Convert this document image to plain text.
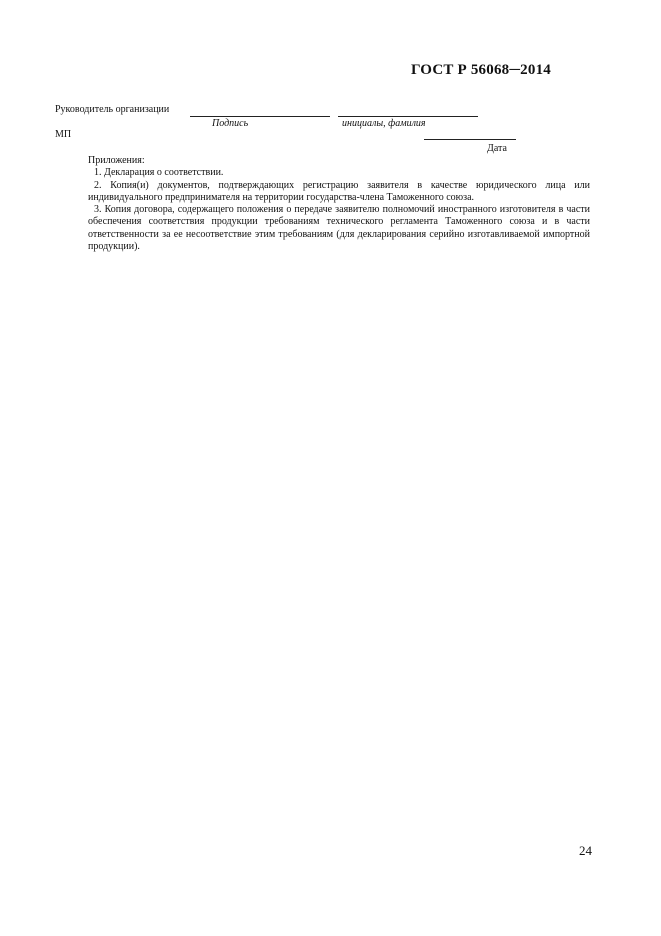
ГОСТ Р 56068─2014
Руководитель организации
Подпись	инициалы, фамилия
МП
Дата

Приложения:

1. Декларация о соответствии.

2. Копия(и) документов, подтверждающих регистрацию заявителя в качестве юридического лица или индивидуального предпринимателя на территории государства-члена Таможенного союза.

3. Копия договора, содержащего положения о передаче заявителю полномочий иностранного изготовителя в части обеспечения соответствия продукции требованиям технического регламента Таможенного союза и в части ответственности за ее несоответствие этим требованиям (для декларирования серийно изготавливаемой импортной продукции).

24
